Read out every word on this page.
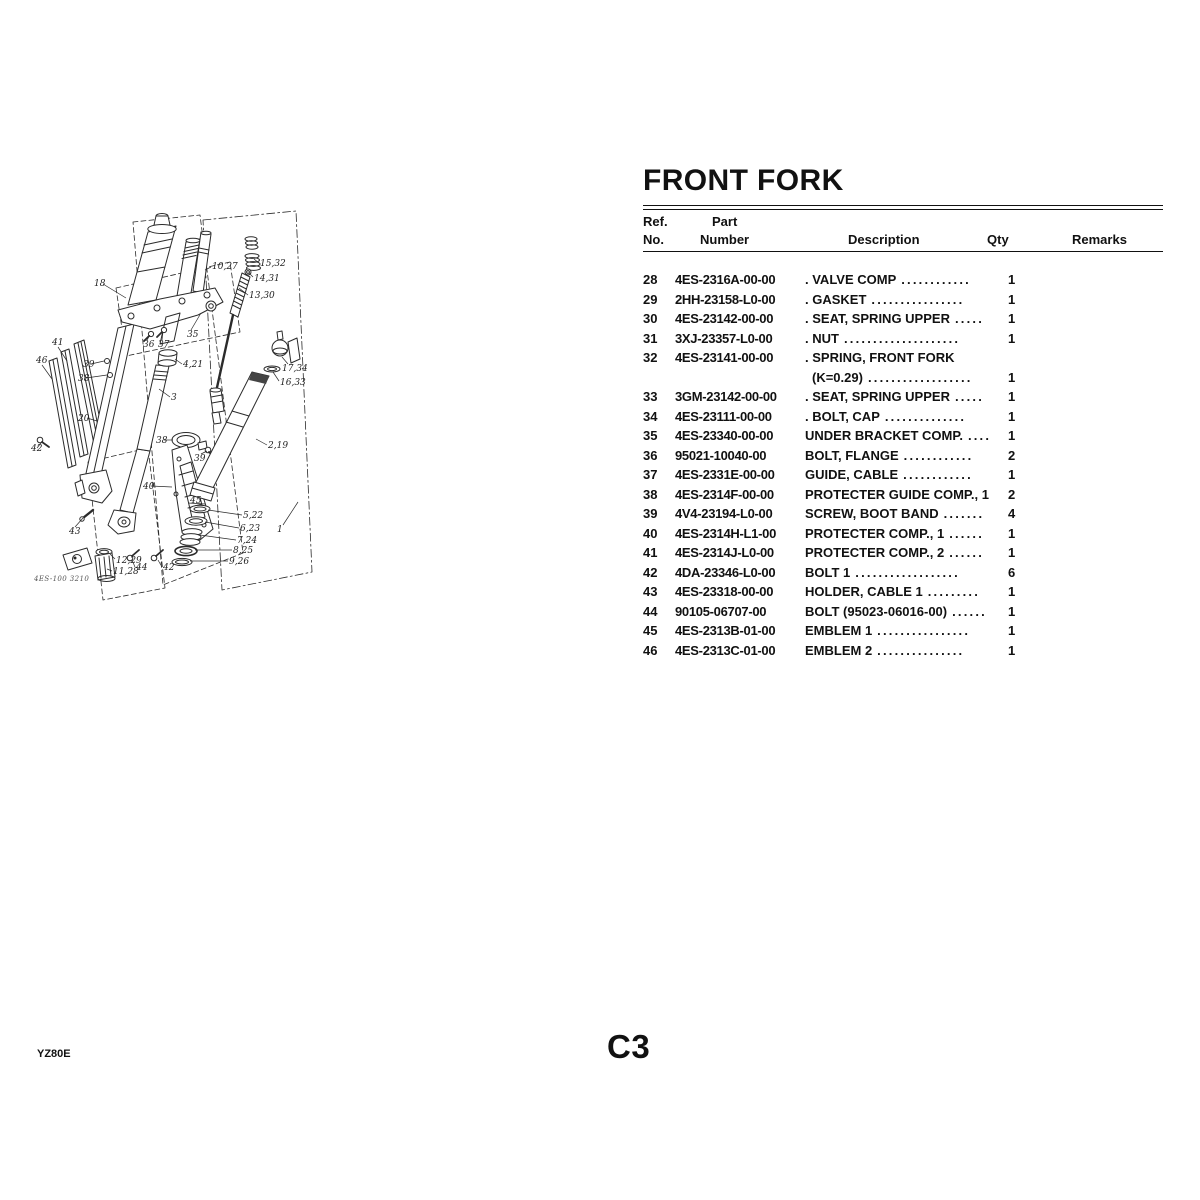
18
10,27 15,32
14,31
13,30
35
36 37
41
46	39
38
4,21	17,34
16,33
3
20
42
38
39
40
45
2,19
43
12,29
11,28
44 42
5,22
6,23
7,24
8,25
9,26
1
4ES-100 3210
FRONT FORK
Ref.
No.
Part
Number	Description	Qty	Remarks
28 4ES-2316A-00-00 . VALVE COMP ............	1
29 2HH-23158-L0-00 . GASKET ................	1
30 4ES-23142-00-00 . SEAT, SPRING UPPER ..... 1
31 3XJ-23357-L0-00	. NUT ....................	1
32 4ES-23141-00-00 . SPRING, FRONT FORK
(K=0.29) ..................	1
33 3GM-23142-00-00 . SEAT, SPRING UPPER ..... 1
34 4ES-23111-00-00	. BOLT, CAP ..............	1
35 4ES-23340-00-00 UNDER BRACKET COMP. .... 1
36 95021-10040-00	BOLT, FLANGE ............	2
37 4ES-2331E-00-00 GUIDE, CABLE ............	1
38 4ES-2314F-00-00 PROTECTER GUIDE COMP., 1	2
39 4V4-23194-L0-00	SCREW, BOOT BAND ....... 4
40 4ES-2314H-L1-00 PROTECTER COMP., 1 ...... 1
41 4ES-2314J-L0-00 PROTECTER COMP., 2 ...... 1
42 4DA-23346-L0-00 BOLT 1 ..................	6
43 4ES-23318-00-00 HOLDER, CABLE 1 ......... 1
44 90105-06707-00	BOLT (95023-06016-00) ...... 1
45 4ES-2313B-01-00 EMBLEM 1 ................	1
46 4ES-2313C-01-00 EMBLEM 2 ...............	1
YZ80E	C3
